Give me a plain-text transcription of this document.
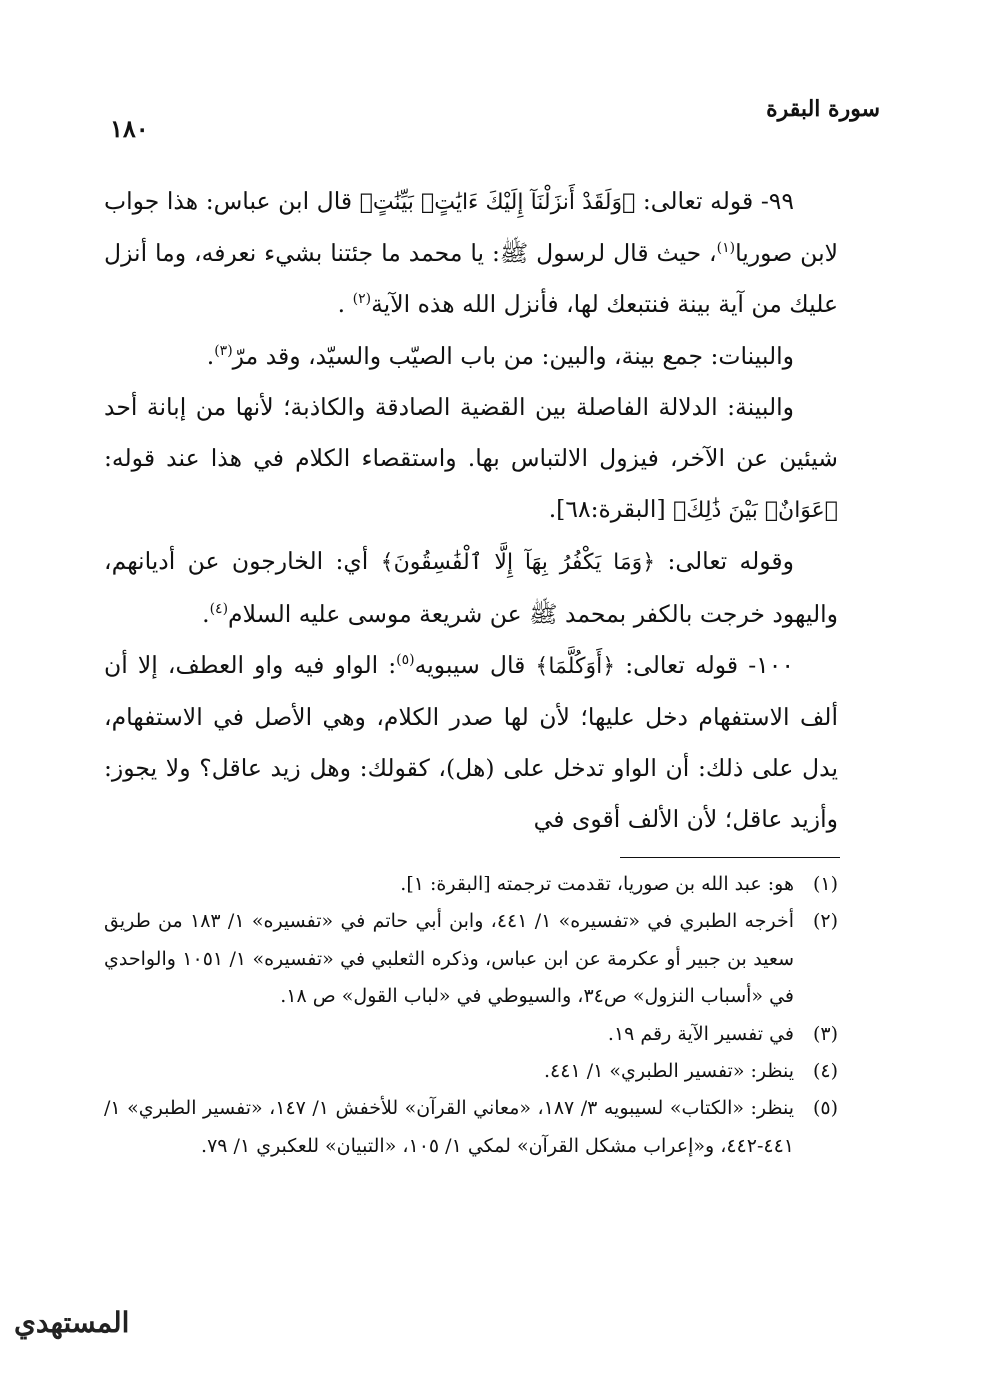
سورة البقرة
١٨٠

٩٩- قوله تعالى: ﴿وَلَقَدْ أَنزَلْنَآ إِلَيْكَ ءَايَٰتٍۭ بَيِّنَٰتٍ﴾ قال ابن عباس: هذا جواب لابن صوريا$^{(١)}$، حيث قال لرسول ﷺ: يا محمد ما جئتنا بشيء نعرفه، وما أنزل عليك من آية بينة فنتبعك لها، فأنزل الله هذه الآية$^{(٢)}$ .

والبينات: جمع بينة، والبين: من باب الصيّب والسيّد، وقد مرّ$^{(٣)}$.

والبينة: الدلالة الفاصلة بين القضية الصادقة والكاذبة؛ لأنها من إبانة أحد شيئين عن الآخر، فيزول الالتباس بها. واستقصاء الكلام في هذا عند قوله: ﴿عَوَانٌۢ بَيْنَ ذَٰلِكَ﴾ [البقرة:٦٨].

وقوله تعالى: ﴿وَمَا يَكْفُرُ بِهَآ إِلَّا ٱلْفَٰسِقُونَ﴾ أي: الخارجون عن أديانهم، واليهود خرجت بالكفر بمحمد ﷺ عن شريعة موسى عليه السلام$^{(٤)}$.

١٠٠- قوله تعالى: ﴿أَوَكُلَّمَا﴾ قال سيبويه$^{(٥)}$: الواو فيه واو العطف، إلا أن ألف الاستفهام دخل عليها؛ لأن لها صدر الكلام، وهي الأصل في الاستفهام، يدل على ذلك: أن الواو تدخل على (هل)، كقولك: وهل زيد عاقل؟ ولا يجوز: وأزيد عاقل؛ لأن الألف أقوى في

(١)
هو: عبد الله بن صوريا، تقدمت ترجمته [البقرة: ١].
(٢)
أخرجه الطبري في «تفسيره» ١/ ٤٤١، وابن أبي حاتم في «تفسيره» ١/ ١٨٣ من طريق سعيد بن جبير أو عكرمة عن ابن عباس، وذكره الثعلبي في «تفسيره» ١/ ١٠٥١ والواحدي في «أسباب النزول» ص٣٤، والسيوطي في «لباب القول» ص ١٨.
(٣)
في تفسير الآية رقم ١٩.
(٤)
ينظر: «تفسير الطبري» ١/ ٤٤١.
(٥)
ينظر: «الكتاب» لسيبويه ٣/ ١٨٧، «معاني القرآن» للأخفش ١/ ١٤٧، «تفسير الطبري» ١/ ٤٤١-٤٤٢، و«إعراب مشكل القرآن» لمكي ١/ ١٠٥، «التبيان» للعكبري ١/ ٧٩.
المستهدي
